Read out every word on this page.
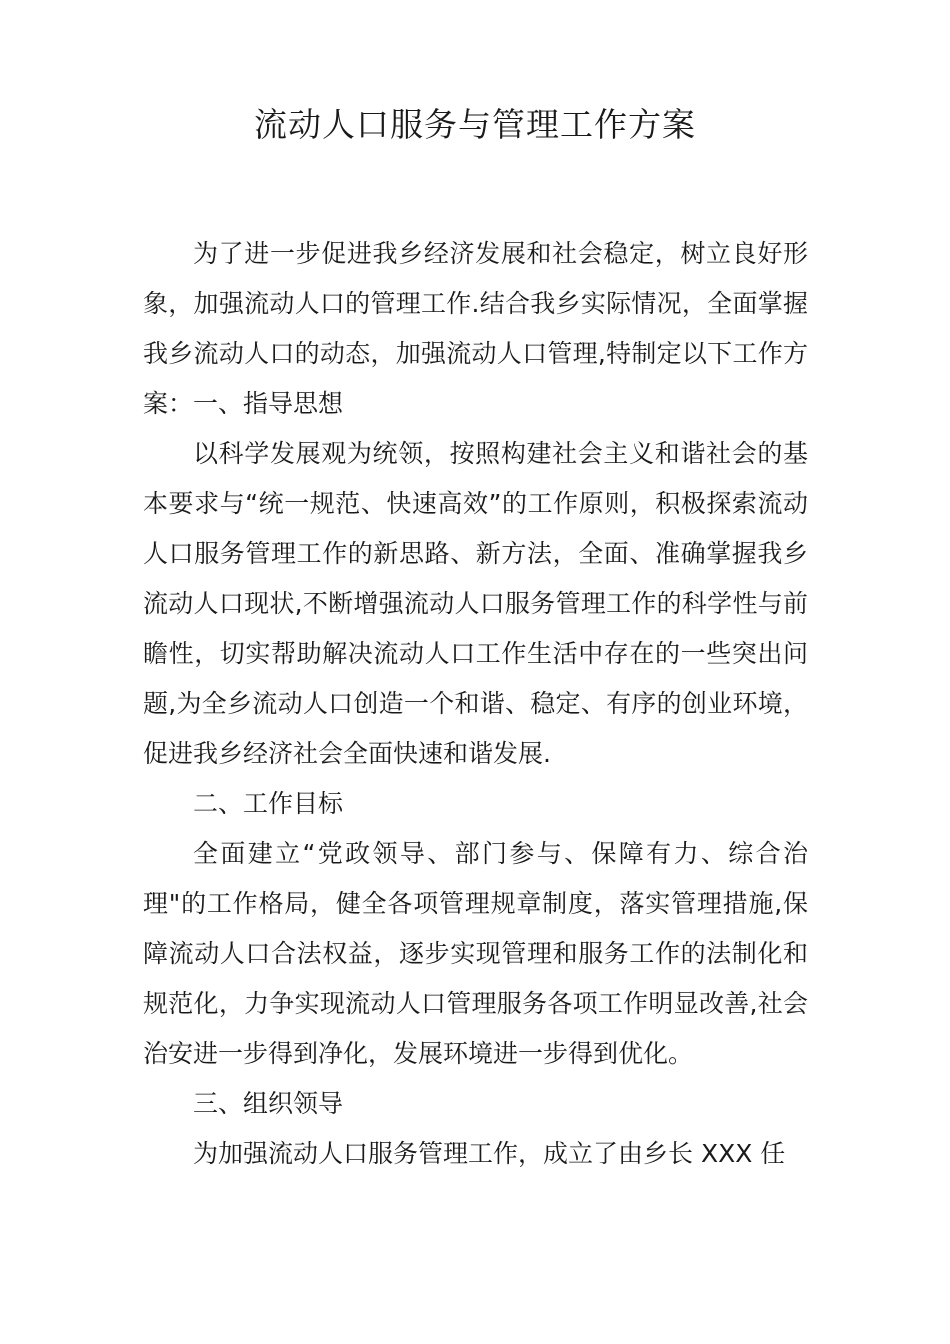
流动人口服务与管理工作方案

为了进一步促进我乡经济发展和社会稳定，树立良好形象，加强流动人口的管理工作.结合我乡实际情况，全面掌握我乡流动人口的动态，加强流动人口管理,特制定以下工作方案：一、指导思想

以科学发展观为统领，按照构建社会主义和谐社会的基本要求与“统一规范、快速高效”的工作原则，积极探索流动人口服务管理工作的新思路、新方法，全面、准确掌握我乡流动人口现状,不断增强流动人口服务管理工作的科学性与前瞻性，切实帮助解决流动人口工作生活中存在的一些突出问题,为全乡流动人口创造一个和谐、稳定、有序的创业环境，促进我乡经济社会全面快速和谐发展.

二、工作目标

全面建立“党政领导、部门参与、保障有力、综合治理"的工作格局，健全各项管理规章制度，落实管理措施,保障流动人口合法权益，逐步实现管理和服务工作的法制化和规范化，力争实现流动人口管理服务各项工作明显改善,社会治安进一步得到净化，发展环境进一步得到优化。

三、组织领导

为加强流动人口服务管理工作，成立了由乡长 XXX 任
